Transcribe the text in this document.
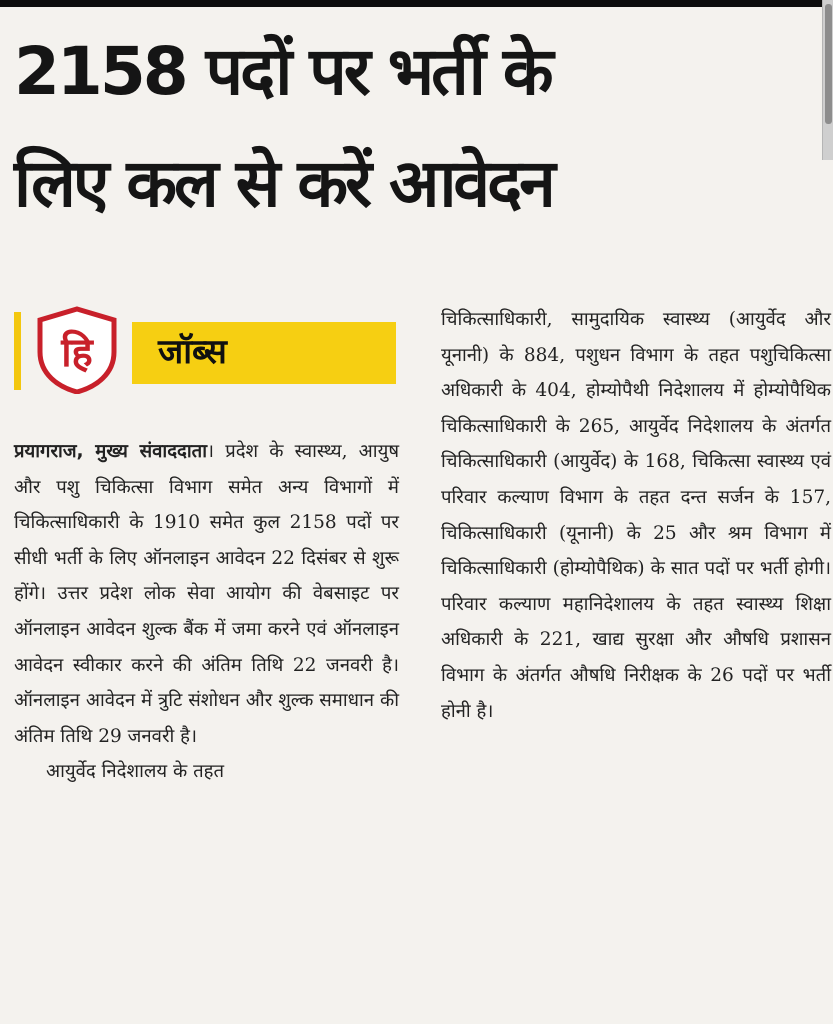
2158 पदों पर भर्ती के
लिए कल से करें आवेदन
हि जॉब्स

प्रयागराज, मुख्य संवाददाता। प्रदेश के स्वास्थ्य, आयुष और पशु चिकित्सा विभाग समेत अन्य विभागों में चिकित्साधिकारी के 1910 समेत कुल 2158 पदों पर सीधी भर्ती के लिए ऑनलाइन आवेदन 22 दिसंबर से शुरू होंगे। उत्तर प्रदेश लोक सेवा आयोग की वेबसाइट पर ऑनलाइन आवेदन शुल्क बैंक में जमा करने एवं ऑनलाइन आवेदन स्वीकार करने की अंतिम तिथि 22 जनवरी है। ऑनलाइन आवेदन में त्रुटि संशोधन और शुल्क समाधान की अंतिम तिथि 29 जनवरी है।

आयुर्वेद निदेशालय के तहत

चिकित्साधिकारी, सामुदायिक स्वास्थ्य (आयुर्वेद और यूनानी) के 884, पशुधन विभाग के तहत पशुचिकित्सा अधिकारी के 404, होम्योपैथी निदेशालय में होम्योपैथिक चिकित्साधिकारी के 265, आयुर्वेद निदेशालय के अंतर्गत चिकित्साधिकारी (आयुर्वेद) के 168, चिकित्सा स्वास्थ्य एवं परिवार कल्याण विभाग के तहत दन्त सर्जन के 157, चिकित्साधिकारी (यूनानी) के 25 और श्रम विभाग में चिकित्साधिकारी (होम्योपैथिक) के सात पदों पर भर्ती होगी। परिवार कल्याण महानिदेशालय के तहत स्वास्थ्य शिक्षा अधिकारी के 221, खाद्य सुरक्षा और औषधि प्रशासन विभाग के अंतर्गत औषधि निरीक्षक के 26 पदों पर भर्ती होनी है।
